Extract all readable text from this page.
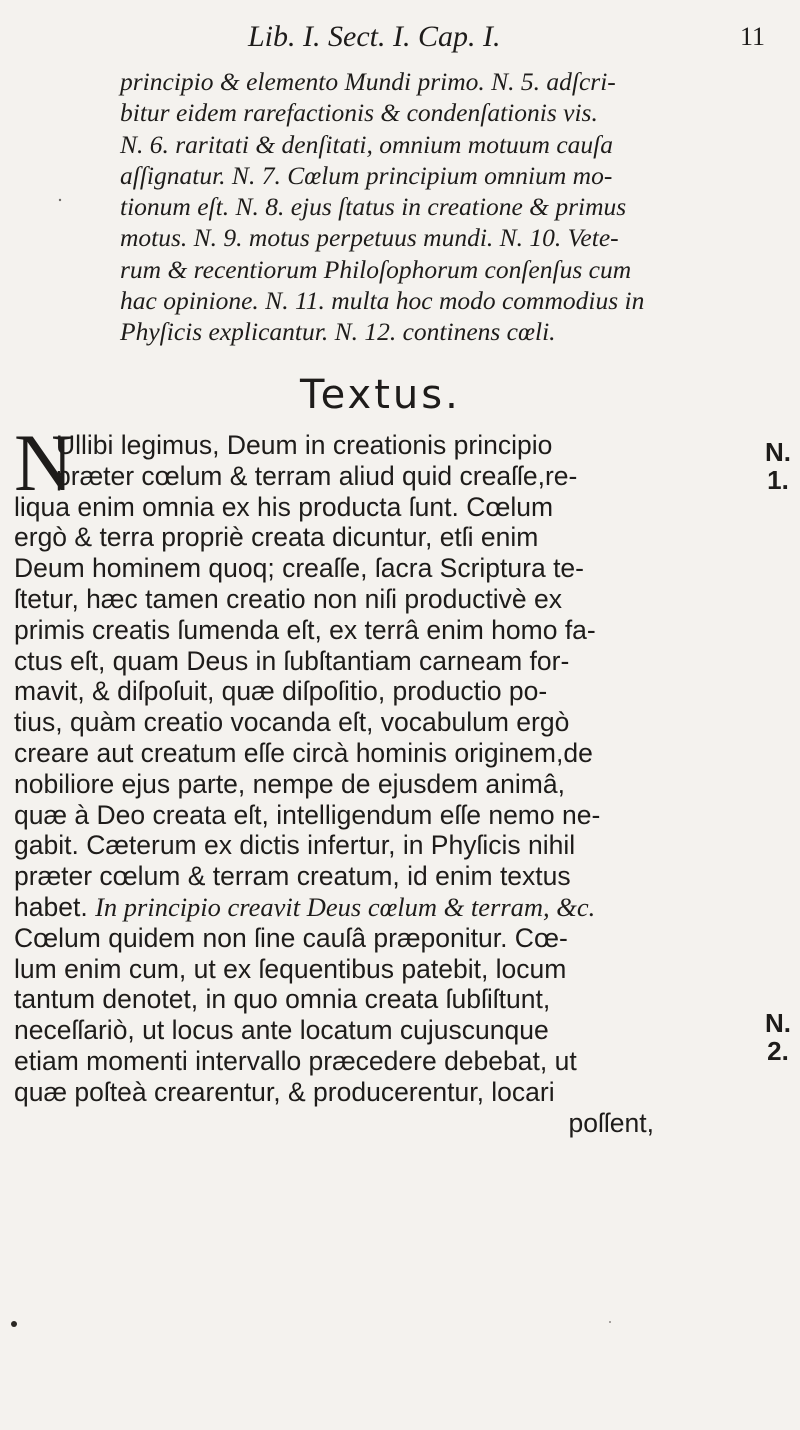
Lib. I. Sect. I. Cap. I.	11
principio & elemento Mundi primo. N. 5. adſcri-
bitur eidem rarefactionis & condenſationis vis.
N. 6. raritati & denſitati, omnium motuum cauſa
aſſignatur. N. 7. Cœlum principium omnium mo-
tionum eſt. N. 8. ejus ſtatus in creatione & primus
motus. N. 9. motus perpetuus mundi. N. 10. Vete-
rum & recentiorum Philoſophorum conſenſus cum
hac opinione. N. 11. multa hoc modo commodius in
Phyſicis explicantur. N. 12. continens cœli.
Textus.
N
Ullibi legimus, Deum in creationis principio
præter cœlum & terram aliud quid creaſſe,re-
liqua enim omnia ex his producta ſunt. Cœlum
ergò & terra propriè creata dicuntur, etſi enim
Deum hominem quoq; creaſſe, ſacra Scriptura te-
ſtetur, hæc tamen creatio non niſi productivè ex
primis creatis ſumenda eſt, ex terrâ enim homo fa-
ctus eſt, quam Deus in ſubſtantiam carneam for-
mavit, & diſpoſuit, quæ diſpoſitio, productio po-
tius, quàm creatio vocanda eſt, vocabulum ergò
creare aut creatum eſſe circà hominis originem,de
nobiliore ejus parte, nempe de ejusdem animâ,
quæ à Deo creata eſt, intelligendum eſſe nemo ne-
gabit. Cæterum ex dictis infertur, in Phyſicis nihil
præter cœlum & terram creatum, id enim textus
habet. In principio creavit Deus cœlum & terram, &c.
Cœlum quidem non ſine cauſâ præponitur. Cœ-
lum enim cum, ut ex ſequentibus patebit, locum
tantum denotet, in quo omnia creata ſubſiſtunt,
neceſſariò, ut locus ante locatum cujuscunque
etiam momenti intervallo præcedere debebat, ut
quæ poſteà crearentur, & producerentur, locari
poſſent,
N.
1.
N.
2.
